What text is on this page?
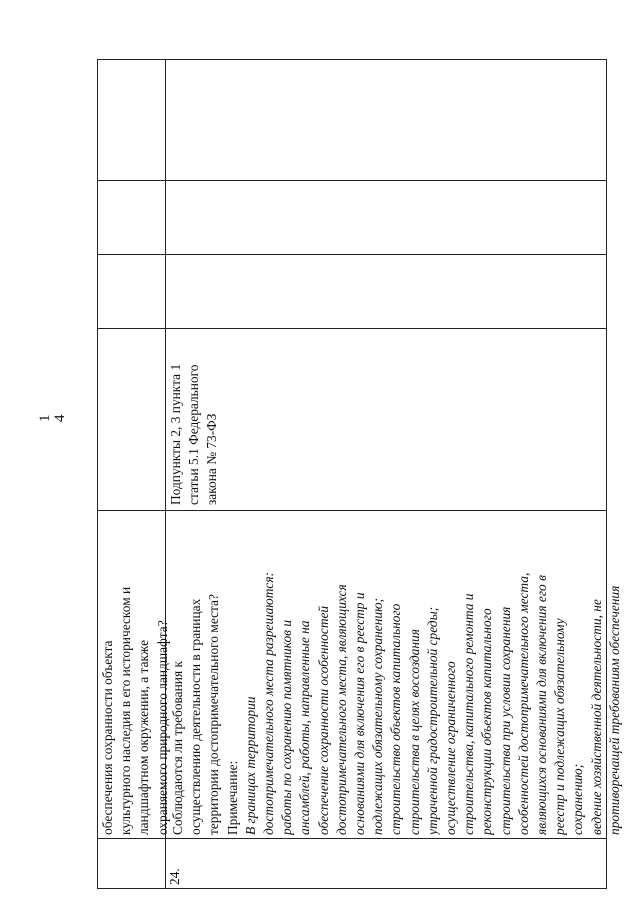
1 4

обеспечения сохранности объекта культурного наследия в его историческом и ландшафтном окружении, а также охраняемого природного ландшафта?

24.

Соблюдаются ли требования к осуществлению деятельности в границах территории достопримечательного места? Примечание: В границах территории достопримечательного места разрешаются: работы по сохранению памятников и ансамблей, работы, направленные на обеспечение сохранности особенностей достопримечательного места, являющихся основаниями для включения его в реестр и подлежащих обязательному сохранению; строительство объектов капитального строительства в целях воссоздания утраченной градостроительной среды; осуществление ограниченного строительства, капитального ремонта и реконструкции объектов капитального строительства при условии сохранения особенностей достопримечательного места, являющихся основаниями для включения его в реестр и подлежащих обязательному сохранению; ведение хозяйственной деятельности, не противоречащей требованиям обеспечения

Подпункты 2, 3 пункта 1 статьи 5.1 Федерального закона № 73-ФЗ
